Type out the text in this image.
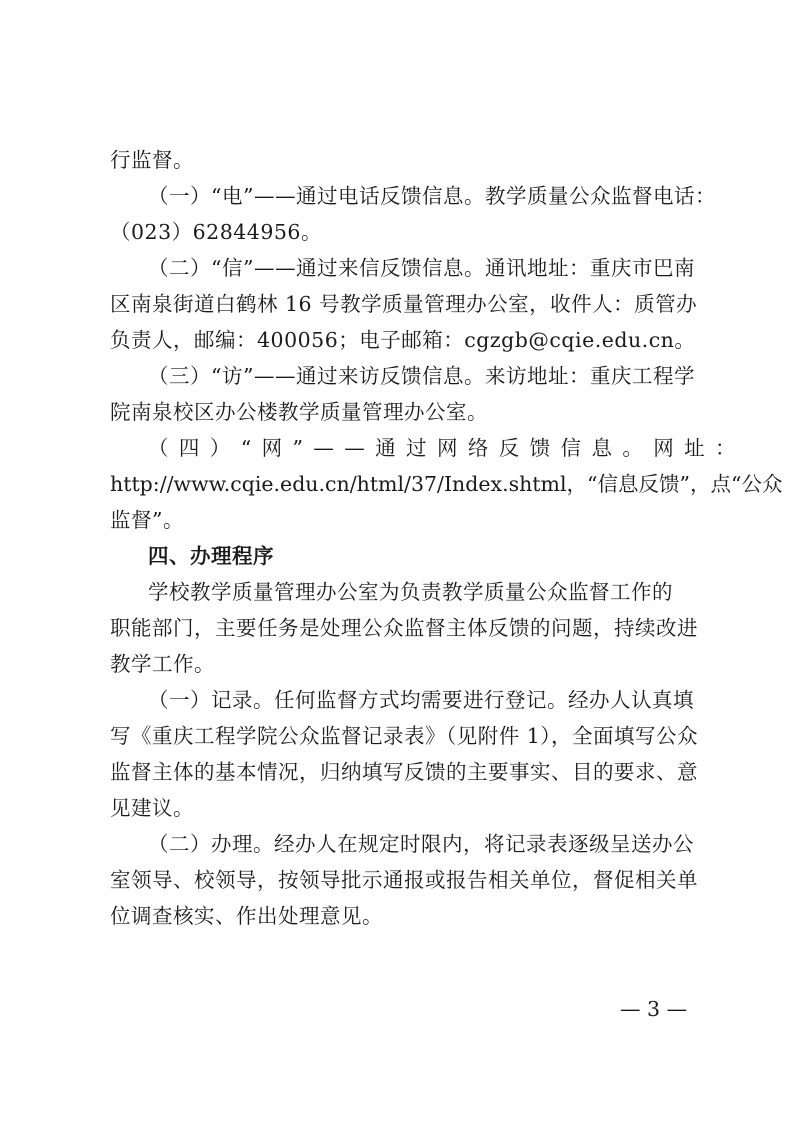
行监督。
（一）“电”——通过电话反馈信息。教学质量公众监督电话：
（023）62844956。
（二）“信”——通过来信反馈信息。通讯地址：重庆市巴南
区南泉街道白鹤林 16 号教学质量管理办公室，收件人：质管办
负责人，邮编：400056；电子邮箱：cgzgb@cqie.edu.cn。
（三）“访”——通过来访反馈信息。来访地址：重庆工程学
院南泉校区办公楼教学质量管理办公室。
（四）“网”——通过网络反馈信息。网址：
http://www.cqie.edu.cn/html/37/Index.shtml，“信息反馈”，点“公众
监督”。
四、办理程序
学校教学质量管理办公室为负责教学质量公众监督工作的
职能部门，主要任务是处理公众监督主体反馈的问题，持续改进
教学工作。
（一）记录。任何监督方式均需要进行登记。经办人认真填
写《重庆工程学院公众监督记录表》（见附件 1），全面填写公众
监督主体的基本情况，归纳填写反馈的主要事实、目的要求、意
见建议。
（二）办理。经办人在规定时限内，将记录表逐级呈送办公
室领导、校领导，按领导批示通报或报告相关单位，督促相关单
位调查核实、作出处理意见。
— 3 —
